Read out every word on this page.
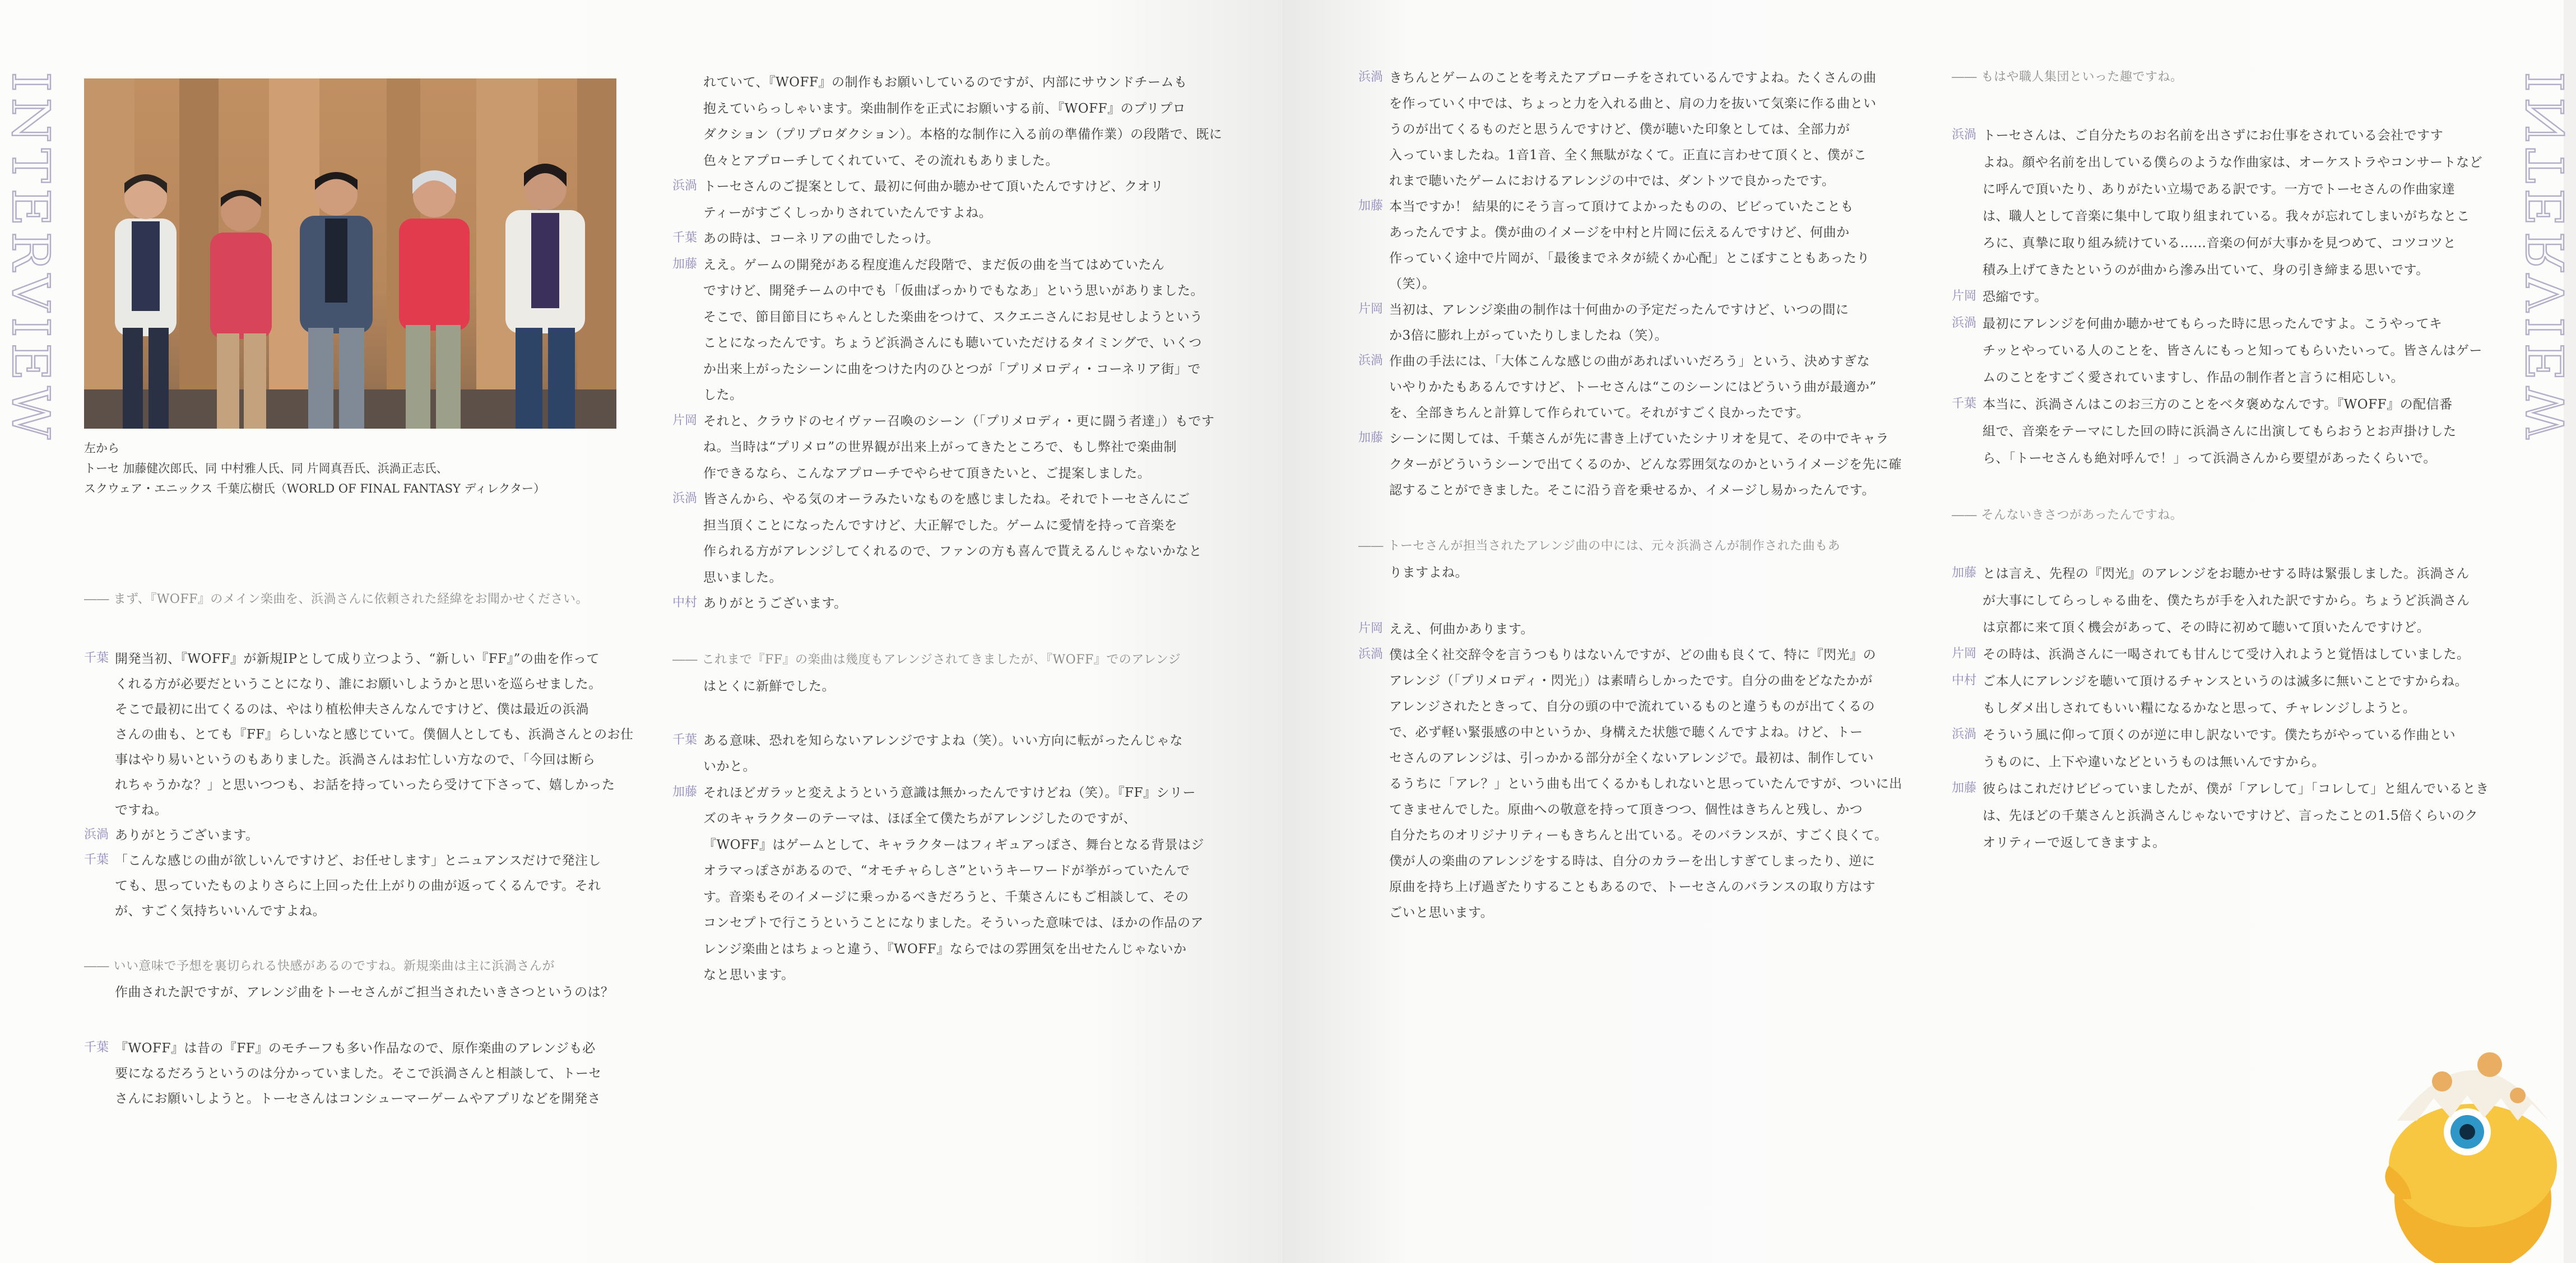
INTERVIEW
左から
トーセ 加藤健次郎氏、同 中村雅人氏、同 片岡真吾氏、浜渦正志氏、
スクウェア・エニックス 千葉広樹氏（WORLD OF FINAL FANTASY ディレクター）
―― まず、『WOFF』のメイン楽曲を、浜渦さんに依頼された経緯をお聞かせください。
千葉 開発当初、『WOFF』が新規IPとして成り立つよう、“新しい『FF』”の曲を作って
くれる方が必要だということになり、誰にお願いしようかと思いを巡らせました。
そこで最初に出てくるのは、やはり植松伸夫さんなんですけど、僕は最近の浜渦
さんの曲も、とても『FF』らしいなと感じていて。僕個人としても、浜渦さんとのお仕
事はやり易いというのもありました。浜渦さんはお忙しい方なので、「今回は断ら
れちゃうかな？」と思いつつも、お話を持っていったら受けて下さって、嬉しかった
ですね。
浜渦 ありがとうございます。
千葉 「こんな感じの曲が欲しいんですけど、お任せします」とニュアンスだけで発注し
ても、思っていたものよりさらに上回った仕上がりの曲が返ってくるんです。それ
が、すごく気持ちいいんですよね。
―― いい意味で予想を裏切られる快感があるのですね。新規楽曲は主に浜渦さんが
作曲された訳ですが、アレンジ曲をトーセさんがご担当されたいきさつというのは？
千葉 『WOFF』は昔の『FF』のモチーフも多い作品なので、原作楽曲のアレンジも必
要になるだろうというのは分かっていました。そこで浜渦さんと相談して、トーセ
さんにお願いしようと。トーセさんはコンシューマーゲームやアプリなどを開発さ
れていて、『WOFF』の制作もお願いしているのですが、内部にサウンドチームも
抱えていらっしゃいます。楽曲制作を正式にお願いする前、『WOFF』のプリプロ
ダクション（プリプロダクション）。本格的な制作に入る前の準備作業）の段階で、既に
色々とアプローチしてくれていて、その流れもありました。
浜渦 トーセさんのご提案として、最初に何曲か聴かせて頂いたんですけど、クオリ
ティーがすごくしっかりされていたんですよね。
千葉 あの時は、コーネリアの曲でしたっけ。
加藤 ええ。ゲームの開発がある程度進んだ段階で、まだ仮の曲を当てはめていたん
ですけど、開発チームの中でも「仮曲ばっかりでもなあ」という思いがありました。
そこで、節目節目にちゃんとした楽曲をつけて、スクエニさんにお見せしようという
ことになったんです。ちょうど浜渦さんにも聴いていただけるタイミングで、いくつ
か出来上がったシーンに曲をつけた内のひとつが「プリメロディ・コーネリア街」で
した。
片岡 それと、クラウドのセイヴァー召喚のシーン（「プリメロディ・更に闘う者達」）もです
ね。当時は“プリメロ”の世界観が出来上がってきたところで、もし弊社で楽曲制
作できるなら、こんなアプローチでやらせて頂きたいと、ご提案しました。
浜渦 皆さんから、やる気のオーラみたいなものを感じましたね。それでトーセさんにご
担当頂くことになったんですけど、大正解でした。ゲームに愛情を持って音楽を
作られる方がアレンジしてくれるので、ファンの方も喜んで貰えるんじゃないかなと
思いました。
中村 ありがとうございます。
―― これまで『FF』の楽曲は幾度もアレンジされてきましたが、『WOFF』でのアレンジ
はとくに新鮮でした。
千葉 ある意味、恐れを知らないアレンジですよね（笑）。いい方向に転がったんじゃな
いかと。
加藤 それほどガラッと変えようという意識は無かったんですけどね（笑）。『FF』シリー
ズのキャラクターのテーマは、ほぼ全て僕たちがアレンジしたのですが、
『WOFF』はゲームとして、キャラクターはフィギュアっぽさ、舞台となる背景はジ
オラマっぽさがあるので、“オモチャらしさ”というキーワードが挙がっていたんで
す。音楽もそのイメージに乗っかるべきだろうと、千葉さんにもご相談して、その
コンセプトで行こうということになりました。そういった意味では、ほかの作品のア
レンジ楽曲とはちょっと違う、『WOFF』ならではの雰囲気を出せたんじゃないか
なと思います。
INTERVIEW
浜渦 きちんとゲームのことを考えたアプローチをされているんですよね。たくさんの曲
を作っていく中では、ちょっと力を入れる曲と、肩の力を抜いて気楽に作る曲とい
うのが出てくるものだと思うんですけど、僕が聴いた印象としては、全部力が
入っていましたね。1音1音、全く無駄がなくて。正直に言わせて頂くと、僕がこ
れまで聴いたゲームにおけるアレンジの中では、ダントツで良かったです。
加藤 本当ですか！ 結果的にそう言って頂けてよかったものの、ビビっていたことも
あったんですよ。僕が曲のイメージを中村と片岡に伝えるんですけど、何曲か
作っていく途中で片岡が、「最後までネタが続くか心配」とこぼすこともあったり
（笑）。
片岡 当初は、アレンジ楽曲の制作は十何曲かの予定だったんですけど、いつの間に
か3倍に膨れ上がっていたりしましたね（笑）。
浜渦 作曲の手法には、「大体こんな感じの曲があればいいだろう」という、決めすぎな
いやりかたもあるんですけど、トーセさんは“このシーンにはどういう曲が最適か”
を、全部きちんと計算して作られていて。それがすごく良かったです。
加藤 シーンに関しては、千葉さんが先に書き上げていたシナリオを見て、その中でキャラ
クターがどういうシーンで出てくるのか、どんな雰囲気なのかというイメージを先に確
認することができました。そこに沿う音を乗せるか、イメージし易かったんです。
―― トーセさんが担当されたアレンジ曲の中には、元々浜渦さんが制作された曲もあ
りますよね。
片岡 ええ、何曲かあります。
浜渦 僕は全く社交辞令を言うつもりはないんですが、どの曲も良くて、特に『閃光』の
アレンジ（「プリメロディ・閃光」）は素晴らしかったです。自分の曲をどなたかが
アレンジされたときって、自分の頭の中で流れているものと違うものが出てくるの
で、必ず軽い緊張感の中というか、身構えた状態で聴くんですよね。けど、トー
セさんのアレンジは、引っかかる部分が全くないアレンジで。最初は、制作してい
るうちに「アレ？」という曲も出てくるかもしれないと思っていたんですが、ついに出
てきませんでした。原曲への敬意を持って頂きつつ、個性はきちんと残し、かつ
自分たちのオリジナリティーもきちんと出ている。そのバランスが、すごく良くて。
僕が人の楽曲のアレンジをする時は、自分のカラーを出しすぎてしまったり、逆に
原曲を持ち上げ過ぎたりすることもあるので、トーセさんのバランスの取り方はす
ごいと思います。
―― もはや職人集団といった趣ですね。
浜渦 トーセさんは、ご自分たちのお名前を出さずにお仕事をされている会社ですす
よね。顔や名前を出している僕らのような作曲家は、オーケストラやコンサートなど
に呼んで頂いたり、ありがたい立場である訳です。一方でトーセさんの作曲家達
は、職人として音楽に集中して取り組まれている。我々が忘れてしまいがちなとこ
ろに、真摯に取り組み続けている……音楽の何が大事かを見つめて、コツコツと
積み上げてきたというのが曲から滲み出ていて、身の引き締まる思いです。
片岡 恐縮です。
浜渦 最初にアレンジを何曲か聴かせてもらった時に思ったんですよ。こうやってキ
チッとやっている人のことを、皆さんにもっと知ってもらいたいって。皆さんはゲー
ムのことをすごく愛されていますし、作品の制作者と言うに相応しい。
千葉 本当に、浜渦さんはこのお三方のことをベタ褒めなんです。『WOFF』の配信番
組で、音楽をテーマにした回の時に浜渦さんに出演してもらおうとお声掛けした
ら、「トーセさんも絶対呼んで！」って浜渦さんから要望があったくらいで。
―― そんないきさつがあったんですね。
加藤 とは言え、先程の『閃光』のアレンジをお聴かせする時は緊張しました。浜渦さん
が大事にしてらっしゃる曲を、僕たちが手を入れた訳ですから。ちょうど浜渦さん
は京都に来て頂く機会があって、その時に初めて聴いて頂いたんですけど。
片岡 その時は、浜渦さんに一喝されても甘んじて受け入れようと覚悟はしていました。
中村 ご本人にアレンジを聴いて頂けるチャンスというのは滅多に無いことですからね。
もしダメ出しされてもいい糧になるかなと思って、チャレンジしようと。
浜渦 そういう風に仰って頂くのが逆に申し訳ないです。僕たちがやっている作曲とい
うものに、上下や違いなどというものは無いんですから。
加藤 彼らはこれだけビビっていましたが、僕が「アレして」「コレして」と組んでいるとき
は、先ほどの千葉さんと浜渦さんじゃないですけど、言ったことの1.5倍くらいのク
オリティーで返してきますよ。
